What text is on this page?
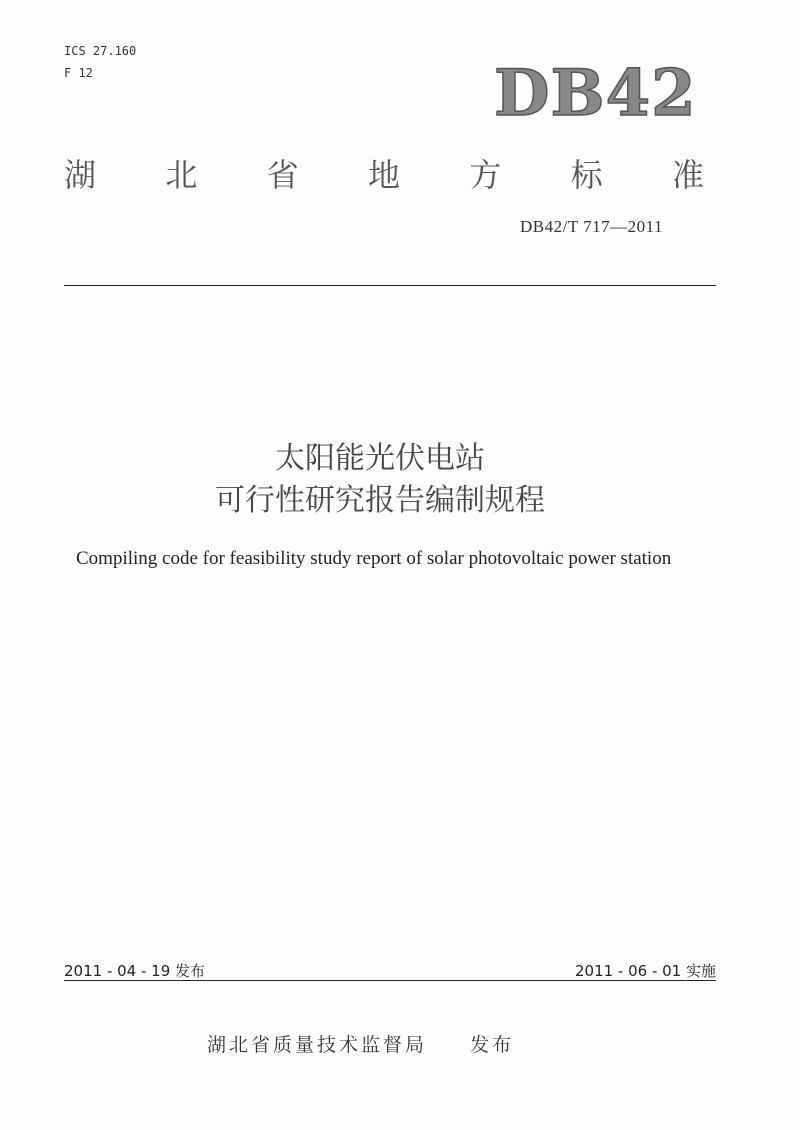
ICS 27.160
F 12	DB42
湖 北 省 地 方 标 准
DB42/T 717—2011
太阳能光伏电站
可行性研究报告编制规程
Compiling code for feasibility study report of solar photovoltaic power station
2011 - 04 - 19 发布	2011 - 06 - 01 实施
湖北省质量技术监督局 发布
